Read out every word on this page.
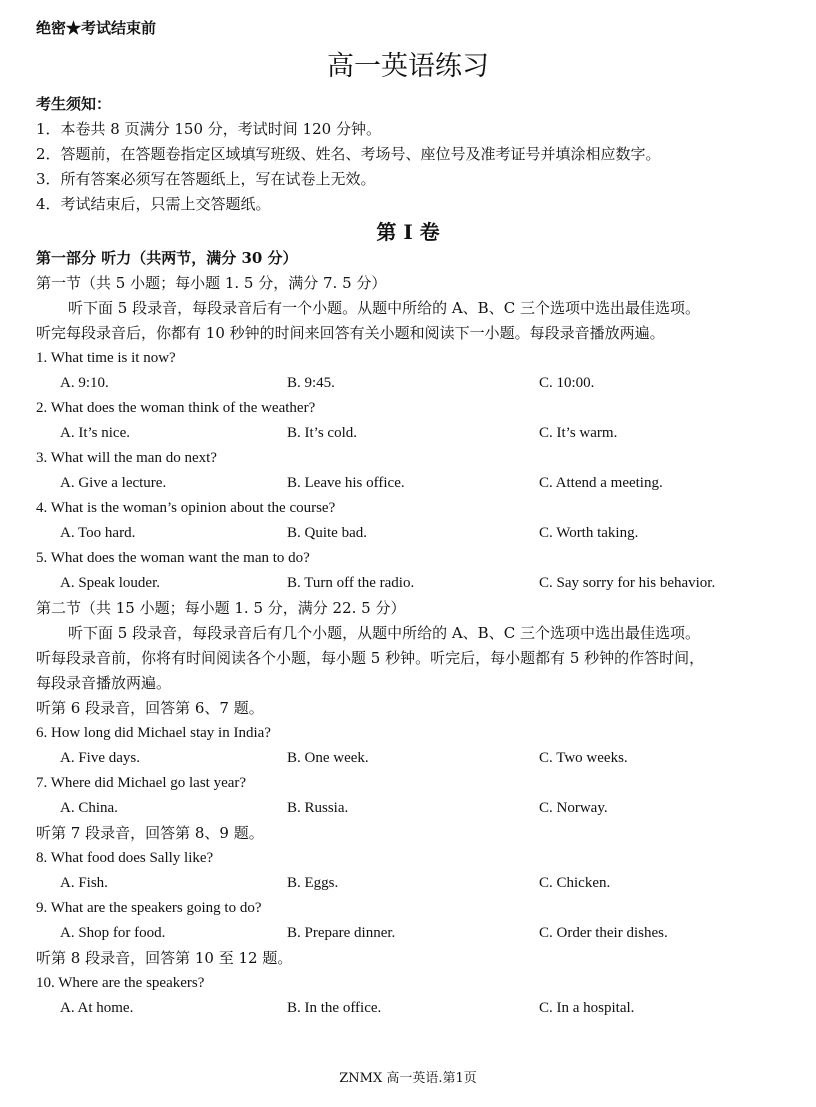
绝密★考试结束前
高一英语练习
考生须知：
1．本卷共 8 页满分 150 分，考试时间 120 分钟。
2．答题前，在答题卷指定区域填写班级、姓名、考场号、座位号及准考证号并填涂相应数字。
3．所有答案必须写在答题纸上，写在试卷上无效。
4．考试结束后，只需上交答题纸。
第 I 卷
第一部分 听力（共两节，满分 30 分）
第一节（共 5 小题；每小题 1. 5 分，满分 7. 5 分）
听下面 5 段录音，每段录音后有一个小题。从题中所给的 A、B、C 三个选项中选出最佳选项。
听完每段录音后，你都有 10 秒钟的时间来回答有关小题和阅读下一小题。每段录音播放两遍。
1. What time is it now?
A. 9:10.	B. 9:45.	C. 10:00.
2. What does the woman think of the weather?
A. It’s nice.	B. It’s cold.	C. It’s warm.
3. What will the man do next?
A. Give a lecture.	B. Leave his office.	C. Attend a meeting.
4. What is the woman’s opinion about the course?
A. Too hard.	B. Quite bad.	C. Worth taking.
5. What does the woman want the man to do?
A. Speak louder.	B. Turn off the radio.	C. Say sorry for his behavior.
第二节（共 15 小题；每小题 1. 5 分，满分 22. 5 分）
听下面 5 段录音，每段录音后有几个小题，从题中所给的 A、B、C 三个选项中选出最佳选项。
听每段录音前，你将有时间阅读各个小题，每小题 5 秒钟。听完后，每小题都有 5 秒钟的作答时间，
每段录音播放两遍。
听第 6 段录音，回答第 6、7 题。
6. How long did Michael stay in India?
A. Five days.	B. One week.	C. Two weeks.
7. Where did Michael go last year?
A. China.	B. Russia.	C. Norway.
听第 7 段录音，回答第 8、9 题。
8. What food does Sally like?
A. Fish.	B. Eggs.	C. Chicken.
9. What are the speakers going to do?
A. Shop for food.	B. Prepare dinner.	C. Order their dishes.
听第 8 段录音，回答第 10 至 12 题。
10. Where are the speakers?
A. At home.	B. In the office.	C. In a hospital.
ZNMX 高一英语.第1页
